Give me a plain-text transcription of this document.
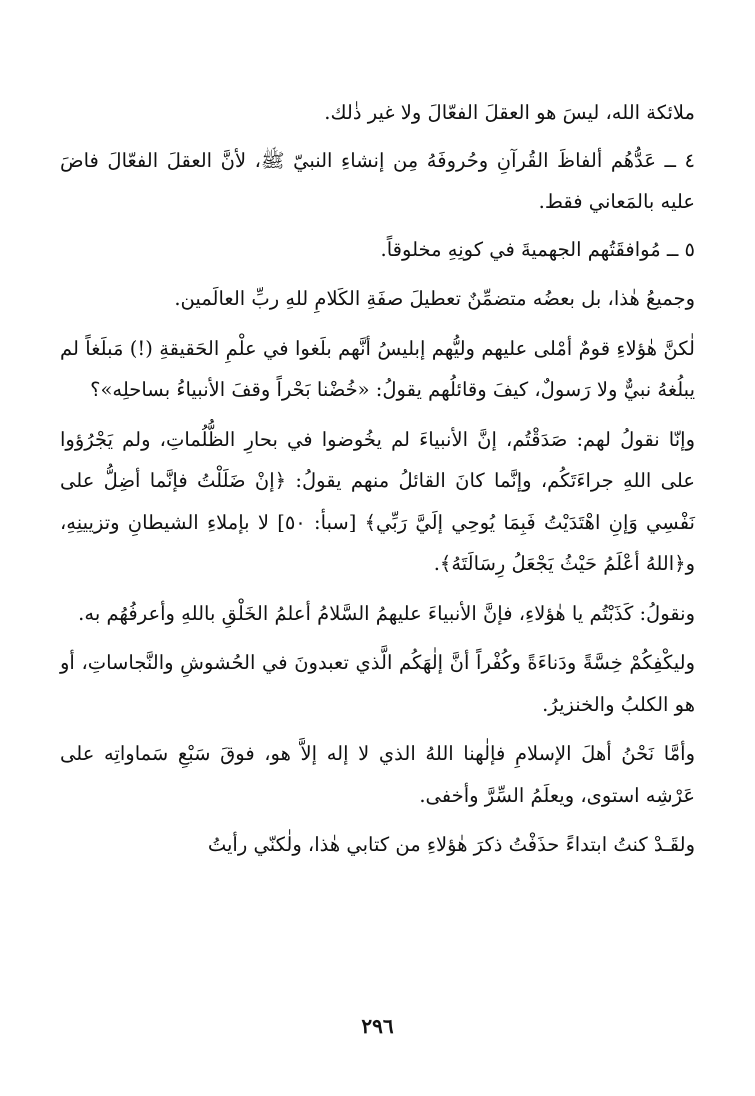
ملائكة الله، ليسَ هو العقلَ الفعّالَ ولا غير ذٰلك.

٤ ــ عَدُّهُم ألفاظَ القُرآنِ وحُروفَهُ مِن إنشاءِ النبيّ ﷺ، لأنَّ العقلَ الفعّالَ فاضَ عليه بالمَعاني فقط.

٥ ــ مُوافقَتُهم الجهميةَ في كونِهِ مخلوقاً.

وجميعُ هٰذا، بل بعضُه متضمِّنٌ تعطيلَ صفَةِ الكَلامِ للهِ ربِّ العالَمين.

لٰكنَّ هٰؤلاءِ قومٌ أمْلى عليهم وليُّهم إبليسُ أنَّهم بلَغوا في علْمِ الحَقيقةِ (!) مَبلَغاً لم يبلُغهُ نبيٌّ ولا رَسولٌ، كيفَ وقائلُهم يقولُ: «خُضْنا بَحْراً وقفَ الأنبياءُ بساحلِه»؟

وإنّا نقولُ لهم: صَدَقْتُم، إنَّ الأنبياءَ لم يخُوضوا في بحارِ الظُّلُماتِ، ولم يَجْرُؤوا على اللهِ جراءَتَكُم، وإنَّما كانَ القائلُ منهم يقولُ: ﴿إنْ ضَلَلْتُ فإنَّما أضِلُّ على نَفْسِي وَإنِ اهْتَدَيْتُ فَبِمَا يُوحِي إلَيَّ رَبِّي﴾ [سبأ: ٥٠] لا بإملاءِ الشيطانِ وتزيينِهِ، و﴿اللهُ أعْلَمُ حَيْثُ يَجْعَلُ رِسَالَتَهُ﴾.

ونقولُ: كَذَبْتُم يا هٰؤلاءِ، فإنَّ الأنبياءَ عليهمُ السَّلامُ أعلمُ الخَلْقِ باللهِ وأعرفُهُم به.

وليكْفِكُمْ خِسَّةً ودَناءَةً وكُفْراً أنَّ إلٰهَكُم الَّذي تعبدونَ في الحُشوشِ والنَّجاساتِ، أو هو الكلبُ والخنزيرُ.

وأمَّا نَحْنُ أهلَ الإسلامِ فإلٰهنا اللهُ الذي لا إله إلاَّ هو، فوقَ سَبْعِ سَماواتِه على عَرْشِه استوى، ويعلَمُ السِّرَّ وأخفى.

ولقَـدْ كنتُ ابتداءً حذَفْتُ ذكرَ هٰؤلاءِ من كتابي هٰذا، ولٰكنّي رأيتُ

٢٩٦
